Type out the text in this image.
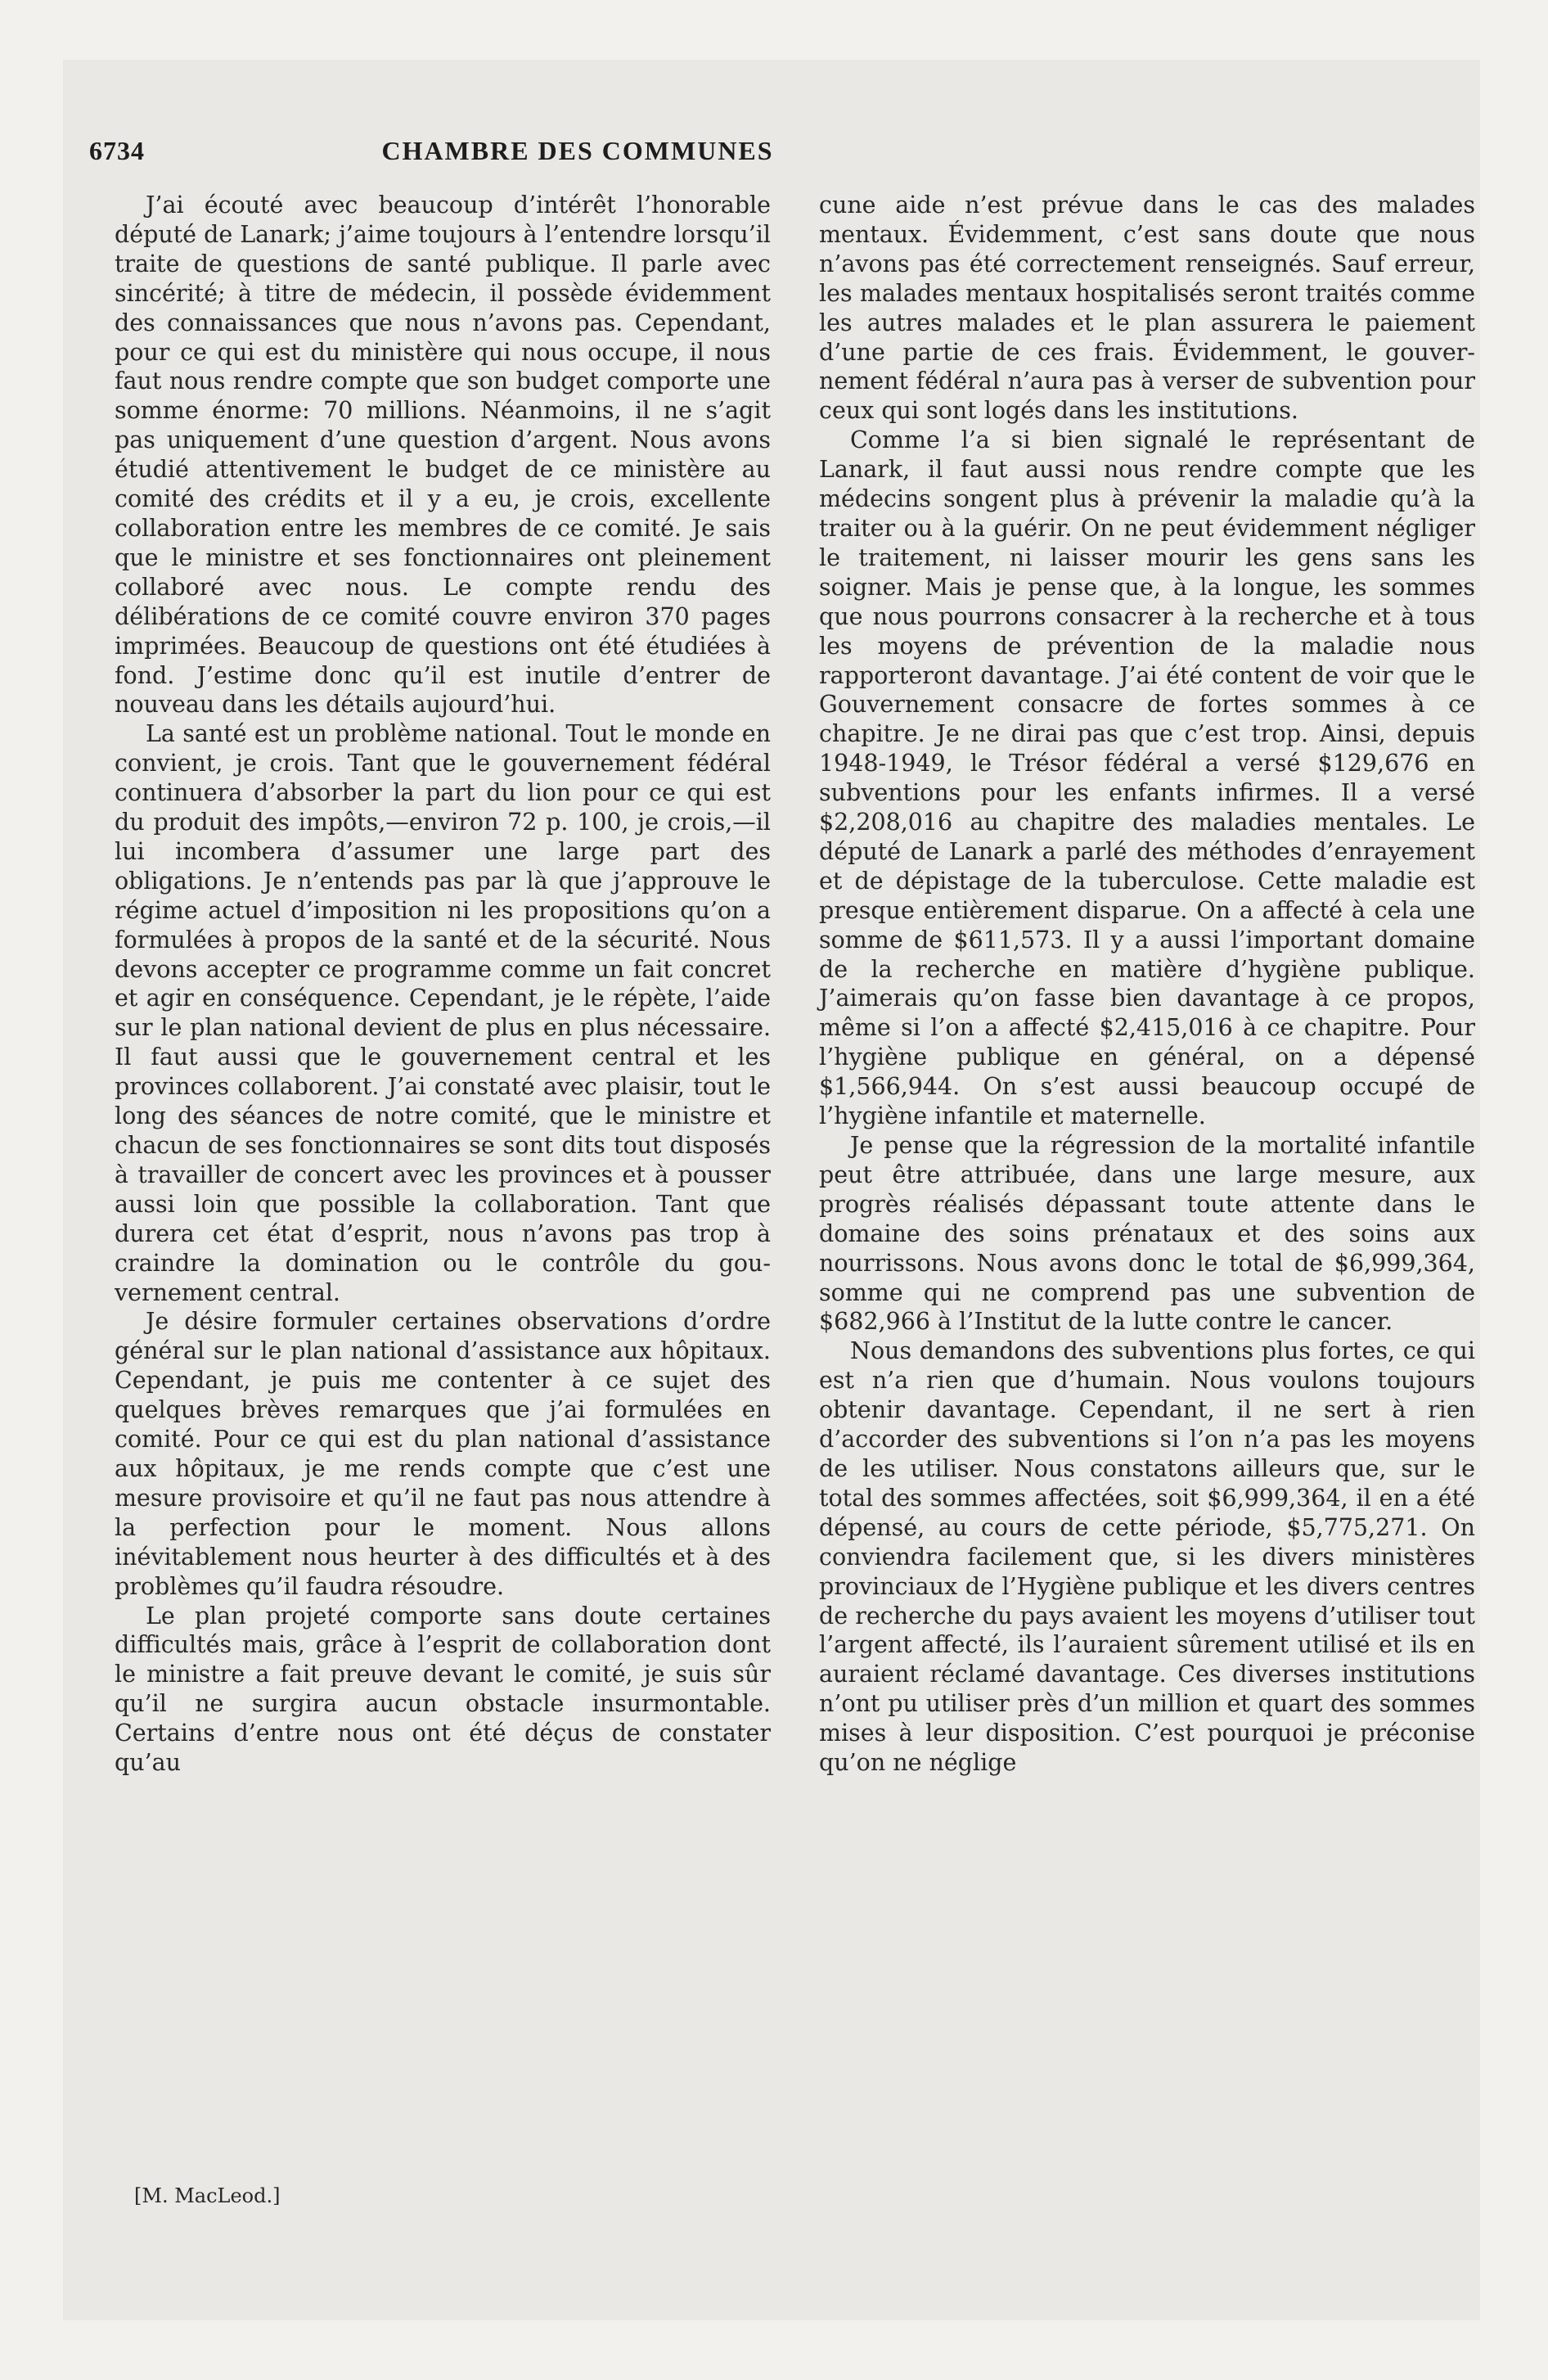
6734	CHAMBRE DES COMMUNES

J’ai écouté avec beaucoup d’intérêt l’honorable député de Lanark; j’aime toujours à l’entendre lorsqu’il traite de questions de santé publique. Il parle avec sincérité; à titre de médecin, il possède évidemment des connaissances que nous n’avons pas. Cependant, pour ce qui est du ministère qui nous occupe, il nous faut nous rendre compte que son budget comporte une somme énorme: 70 millions. Néanmoins, il ne s’agit pas uniquement d’une question d’argent. Nous avons étudié attentivement le budget de ce ministère au comité des crédits et il y a eu, je crois, excellente collaboration entre les membres de ce comité. Je sais que le ministre et ses fonctionnaires ont pleinement collaboré avec nous. Le compte rendu des délibérations de ce comité couvre environ 370 pages imprimées. Beaucoup de questions ont été étudiées à fond. J’estime donc qu’il est inutile d’entrer de nouveau dans les détails aujourd’hui.

La santé est un problème national. Tout le monde en convient, je crois. Tant que le gouvernement fédéral continuera d’absorber la part du lion pour ce qui est du produit des impôts,—environ 72 p. 100, je crois,—il lui incombera d’assumer une large part des obligations. Je n’entends pas par là que j’approuve le régime actuel d’imposition ni les propositions qu’on a formulées à propos de la santé et de la sécurité. Nous devons accepter ce programme comme un fait concret et agir en conséquence. Cependant, je le répète, l’aide sur le plan national devient de plus en plus nécessaire. Il faut aussi que le gouvernement central et les provinces collaborent. J’ai constaté avec plaisir, tout le long des séances de notre comité, que le ministre et chacun de ses fonctionnaires se sont dits tout disposés à travailler de concert avec les provinces et à pousser aussi loin que possible la collaboration. Tant que durera cet état d’esprit, nous n’avons pas trop à craindre la domination ou le contrôle du gouvernement central.

Je désire formuler certaines observations d’ordre général sur le plan national d’assistance aux hôpitaux. Cependant, je puis me contenter à ce sujet des quelques brèves remarques que j’ai formulées en comité. Pour ce qui est du plan national d’assistance aux hôpitaux, je me rends compte que c’est une mesure provisoire et qu’il ne faut pas nous attendre à la perfection pour le moment. Nous allons inévitablement nous heurter à des difficultés et à des problèmes qu’il faudra résoudre.

Le plan projeté comporte sans doute certaines difficultés mais, grâce à l’esprit de collaboration dont le ministre a fait preuve devant le comité, je suis sûr qu’il ne surgira aucun obstacle insurmontable. Certains d’entre nous ont été déçus de constater qu’au

cune aide n’est prévue dans le cas des malades mentaux. Évidemment, c’est sans doute que nous n’avons pas été correctement renseignés. Sauf erreur, les malades mentaux hospitalisés seront traités comme les autres malades et le plan assurera le paiement d’une partie de ces frais. Évidemment, le gouvernement fédéral n’aura pas à verser de subvention pour ceux qui sont logés dans les institutions.

Comme l’a si bien signalé le représentant de Lanark, il faut aussi nous rendre compte que les médecins songent plus à prévenir la maladie qu’à la traiter ou à la guérir. On ne peut évidemment négliger le traitement, ni laisser mourir les gens sans les soigner. Mais je pense que, à la longue, les sommes que nous pourrons consacrer à la recherche et à tous les moyens de prévention de la maladie nous rapporteront davantage. J’ai été content de voir que le Gouvernement consacre de fortes sommes à ce chapitre. Je ne dirai pas que c’est trop. Ainsi, depuis 1948-1949, le Trésor fédéral a versé $129,676 en subventions pour les enfants infirmes. Il a versé $2,208,016 au chapitre des maladies mentales. Le député de Lanark a parlé des méthodes d’enrayement et de dépistage de la tuberculose. Cette maladie est presque entièrement disparue. On a affecté à cela une somme de $611,573. Il y a aussi l’important domaine de la recherche en matière d’hygiène publique. J’aimerais qu’on fasse bien davantage à ce propos, même si l’on a affecté $2,415,016 à ce chapitre. Pour l’hygiène publique en général, on a dépensé $1,566,944. On s’est aussi beaucoup occupé de l’hygiène infantile et maternelle.

Je pense que la régression de la mortalité infantile peut être attribuée, dans une large mesure, aux progrès réalisés dépassant toute attente dans le domaine des soins prénataux et des soins aux nourrissons. Nous avons donc le total de $6,999,364, somme qui ne comprend pas une subvention de $682,966 à l’Institut de la lutte contre le cancer.

Nous demandons des subventions plus fortes, ce qui est n’a rien que d’humain. Nous voulons toujours obtenir davantage. Cependant, il ne sert à rien d’accorder des subventions si l’on n’a pas les moyens de les utiliser. Nous constatons ailleurs que, sur le total des sommes affectées, soit $6,999,364, il en a été dépensé, au cours de cette période, $5,775,271. On conviendra facilement que, si les divers ministères provinciaux de l’Hygiène publique et les divers centres de recherche du pays avaient les moyens d’utiliser tout l’argent affecté, ils l’auraient sûrement utilisé et ils en auraient réclamé davantage. Ces diverses institutions n’ont pu utiliser près d’un million et quart des sommes mises à leur disposition. C’est pourquoi je préconise qu’on ne néglige

[M. MacLeod.]
